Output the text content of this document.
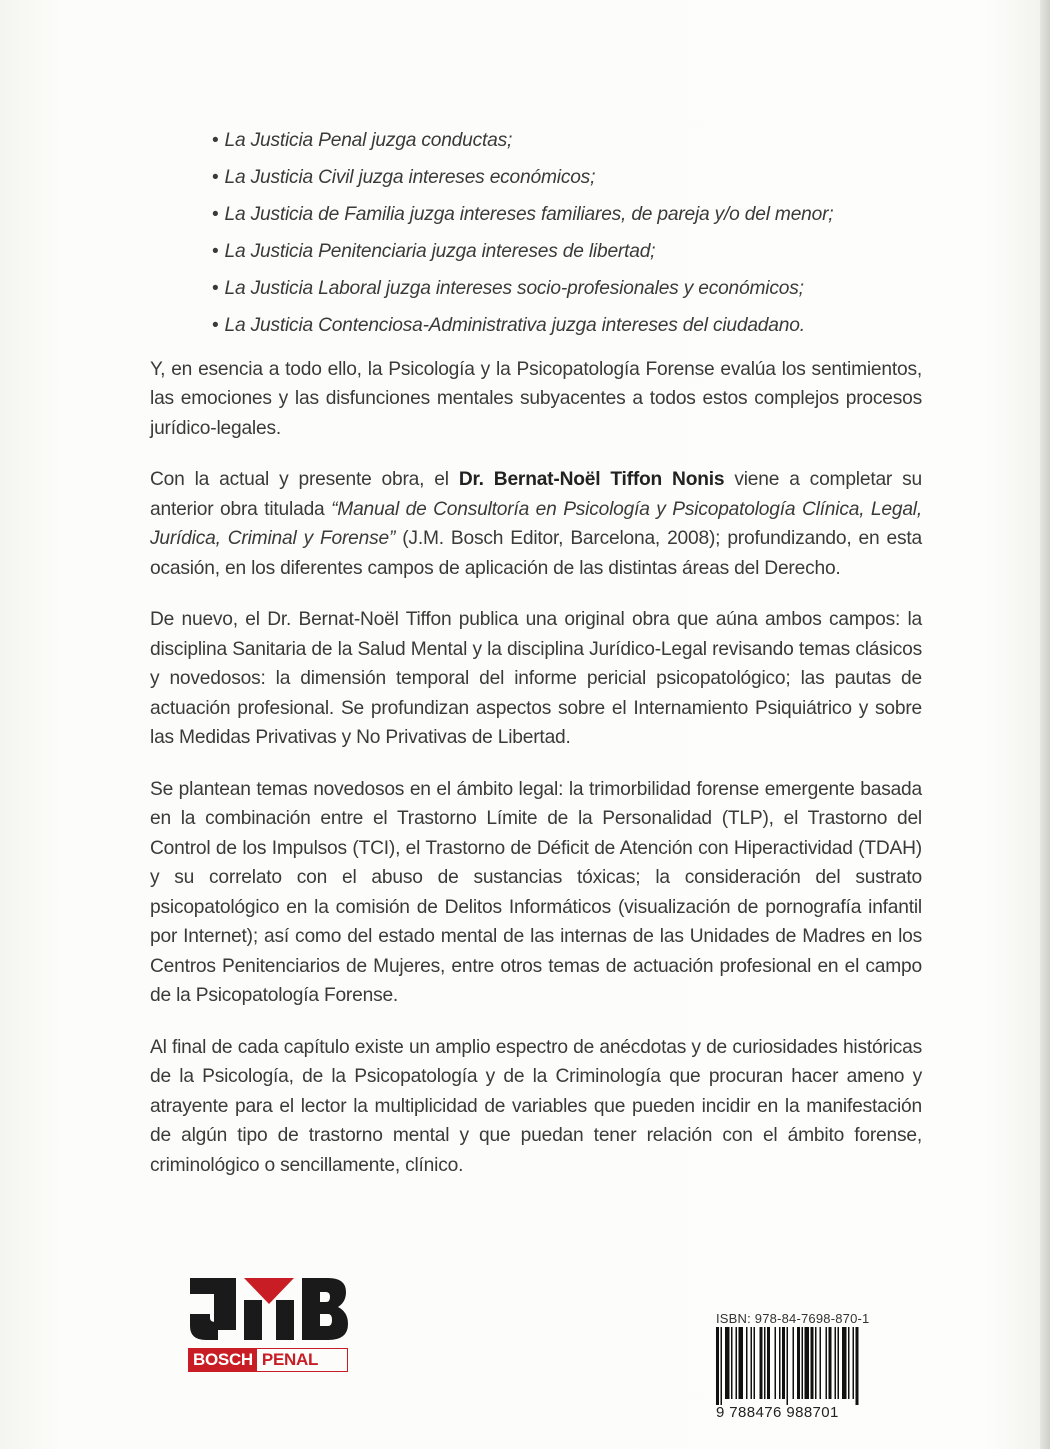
• La Justicia Penal juzga conductas;
• La Justicia Civil juzga intereses económicos;
• La Justicia de Familia juzga intereses familiares, de pareja y/o del menor;
• La Justicia Penitenciaria juzga intereses de libertad;
• La Justicia Laboral juzga intereses socio-profesionales y económicos;
• La Justicia Contenciosa-Administrativa juzga intereses del ciudadano.

Y, en esencia a todo ello, la Psicología y la Psicopatología Forense evalúa los sentimientos, las emociones y las disfunciones mentales subyacentes a todos estos complejos procesos jurídico-legales.

Con la actual y presente obra, el Dr. Bernat-Noël Tiffon Nonis viene a completar su anterior obra titulada “Manual de Consultoría en Psicología y Psicopatología Clínica, Legal, Jurídica, Criminal y Forense” (J.M. Bosch Editor, Barcelona, 2008); profundizando, en esta ocasión, en los diferentes campos de aplicación de las distintas áreas del Derecho.

De nuevo, el Dr. Bernat-Noël Tiffon publica una original obra que aúna ambos campos: la disciplina Sanitaria de la Salud Mental y la disciplina Jurídico-Legal revisando temas clásicos y novedosos: la dimensión temporal del informe pericial psicopatológico; las pautas de actuación profesional. Se profundizan aspectos sobre el Internamiento Psiquiátrico y sobre las Medidas Privativas y No Privativas de Libertad.

Se plantean temas novedosos en el ámbito legal: la trimorbilidad forense emergente basada en la combinación entre el Trastorno Límite de la Personalidad (TLP), el Trastorno del Control de los Impulsos (TCI), el Trastorno de Déficit de Atención con Hiperactividad (TDAH) y su correlato con el abuso de sustancias tóxicas; la consideración del sustrato psicopatológico en la comisión de Delitos Informáticos (visualización de pornografía infantil por Internet); así como del estado mental de las internas de las Unidades de Madres en los Centros Penitenciarios de Mujeres, entre otros temas de actuación profesional en el campo de la Psicopatología Forense.

Al final de cada capítulo existe un amplio espectro de anécdotas y de curiosidades históricas de la Psicología, de la Psicopatología y de la Criminología que procuran hacer ameno y atrayente para el lector la multiplicidad de variables que pueden incidir en la manifestación de algún tipo de trastorno mental y que puedan tener relación con el ámbito forense, criminológico o sencillamente, clínico.

BOSCH PENAL
ISBN: 978-84-7698-870-1
9 788476 988701
